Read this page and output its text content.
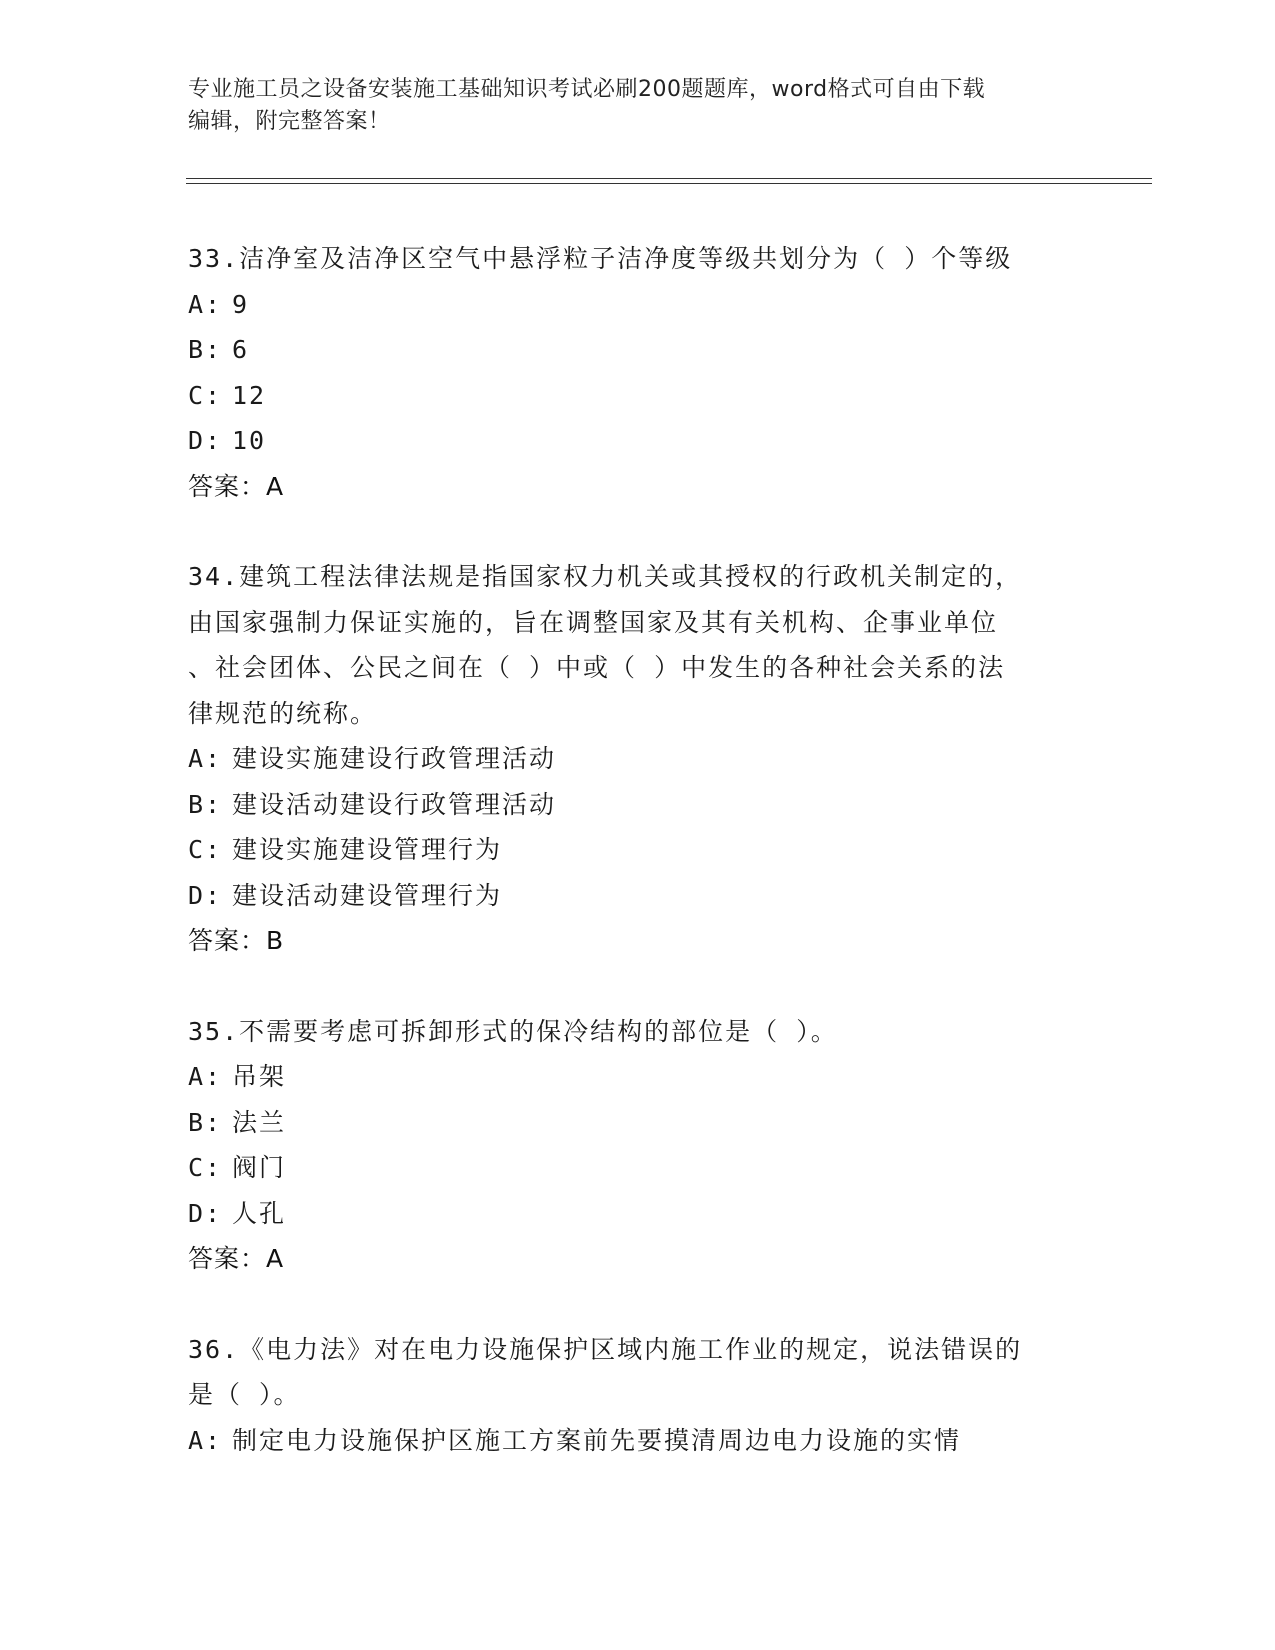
专业施工员之设备安装施工基础知识考试必刷200题题库，word格式可自由下载
编辑，附完整答案！
33.洁净室及洁净区空气中悬浮粒子洁净度等级共划分为（ ）个等级
A: 9
B: 6
C: 12
D: 10
答案：A
34.建筑工程法律法规是指国家权力机关或其授权的行政机关制定的，
由国家强制力保证实施的，旨在调整国家及其有关机构、企事业单位
、社会团体、公民之间在（ ）中或（ ）中发生的各种社会关系的法
律规范的统称。
A: 建设实施建设行政管理活动
B: 建设活动建设行政管理活动
C: 建设实施建设管理行为
D: 建设活动建设管理行为
答案：B
35.不需要考虑可拆卸形式的保冷结构的部位是（ ）。
A: 吊架
B: 法兰
C: 阀门
D: 人孔
答案：A
36.《电力法》对在电力设施保护区域内施工作业的规定，说法错误的
是（ ）。
A: 制定电力设施保护区施工方案前先要摸清周边电力设施的实情
